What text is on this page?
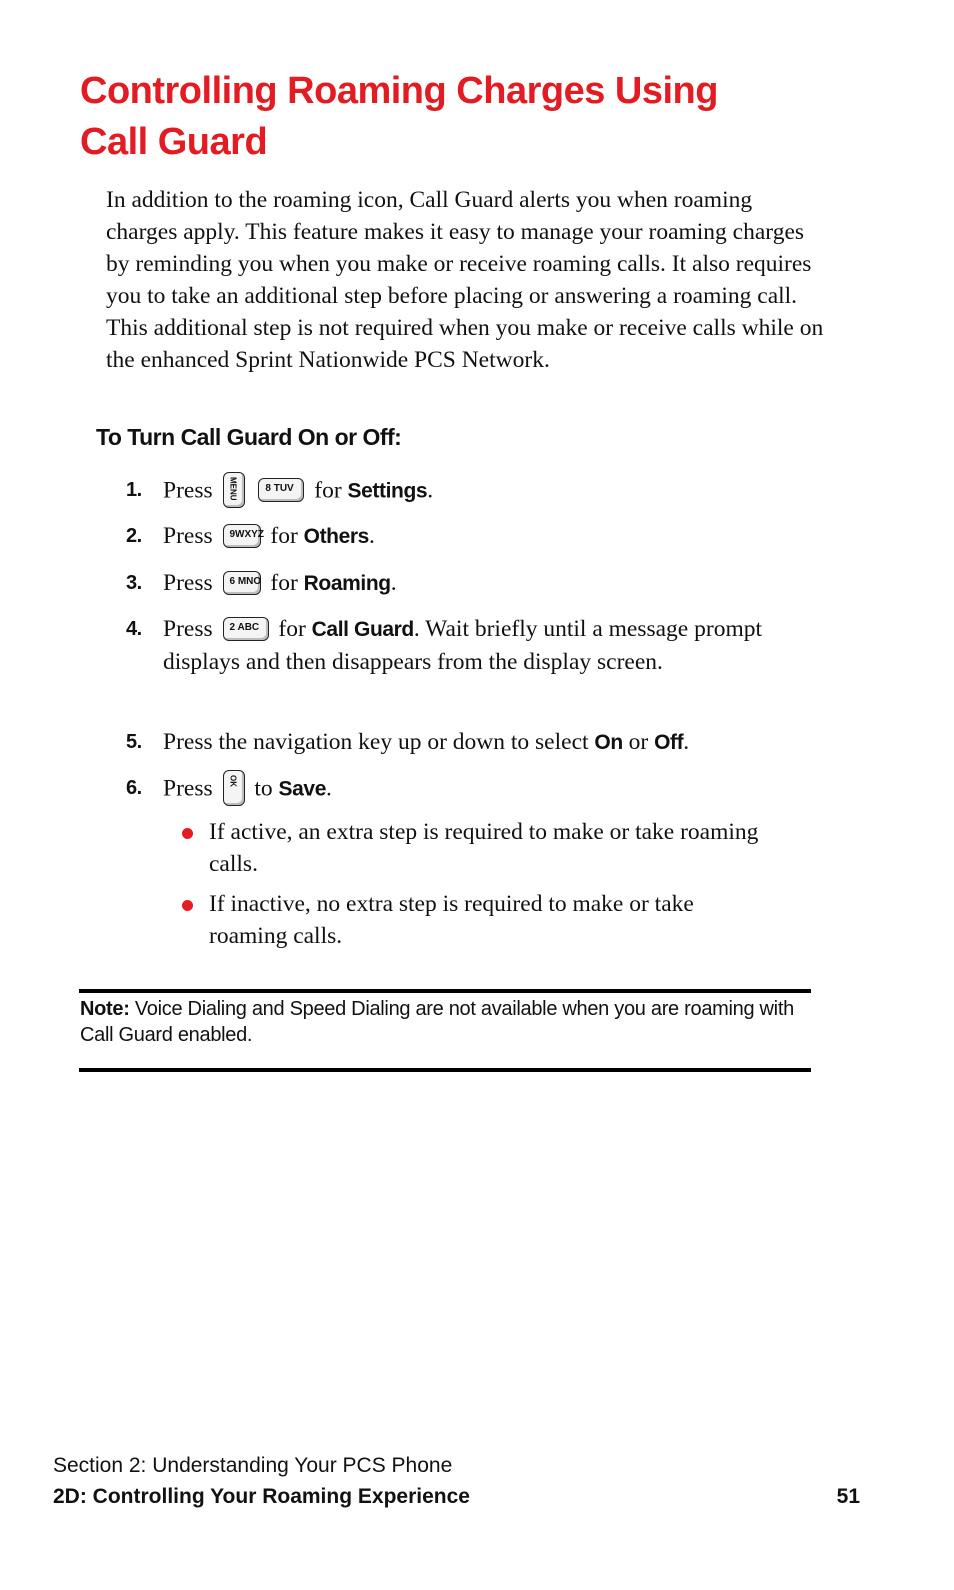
Controlling Roaming Charges Using
Call Guard

In addition to the roaming icon, Call Guard alerts you when roaming charges apply. This feature makes it easy to manage your roaming charges by reminding you when you make or receive roaming calls. It also requires you to take an additional step before placing or answering a roaming call. This additional step is not required when you make or receive calls while on the enhanced Sprint Nationwide PCS Network.

To Turn Call Guard On or Off:
1. Press MENU
	8 TUV for Settings.
2. Press 9WXYZ for Others.
3. Press 6 MNO for Roaming.
4. Press 2 ABC for Call Guard. Wait briefly until a message prompt displays and then disappears from the display screen.
5. Press the navigation key up or down to select On or Off.
6. Press OK to Save.
If active, an extra step is required to make or take roaming calls.
If inactive, no extra step is required to make or take roaming calls.
Note: Voice Dialing and Speed Dialing are not available when you are roaming with Call Guard enabled.
Section 2: Understanding Your PCS Phone
2D: Controlling Your Roaming Experience	51
